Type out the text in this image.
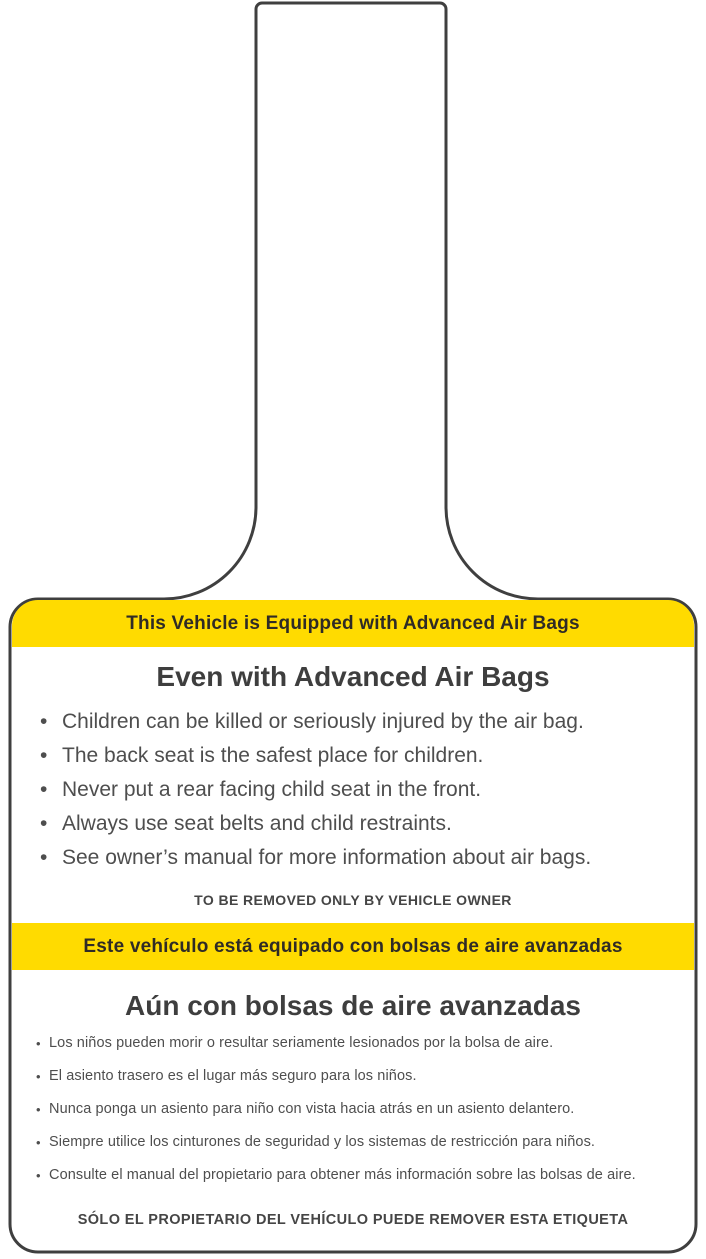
This Vehicle is Equipped with Advanced Air Bags
Even with Advanced Air Bags
• Children can be killed or seriously injured by the air bag.
• The back seat is the safest place for children.
• Never put a rear facing child seat in the front.
• Always use seat belts and child restraints.
• See owner’s manual for more information about air bags.
TO BE REMOVED ONLY BY VEHICLE OWNER
Este vehículo está equipado con bolsas de aire avanzadas
Aún con bolsas de aire avanzadas
• Los niños pueden morir o resultar seriamente lesionados por la bolsa de aire.
• El asiento trasero es el lugar más seguro para los niños.
• Nunca ponga un asiento para niño con vista hacia atrás en un asiento delantero.
• Siempre utilice los cinturones de seguridad y los sistemas de restricción para niños.
• Consulte el manual del propietario para obtener más información sobre las bolsas de aire.
SÓLO EL PROPIETARIO DEL VEHÍCULO PUEDE REMOVER ESTA ETIQUETA
